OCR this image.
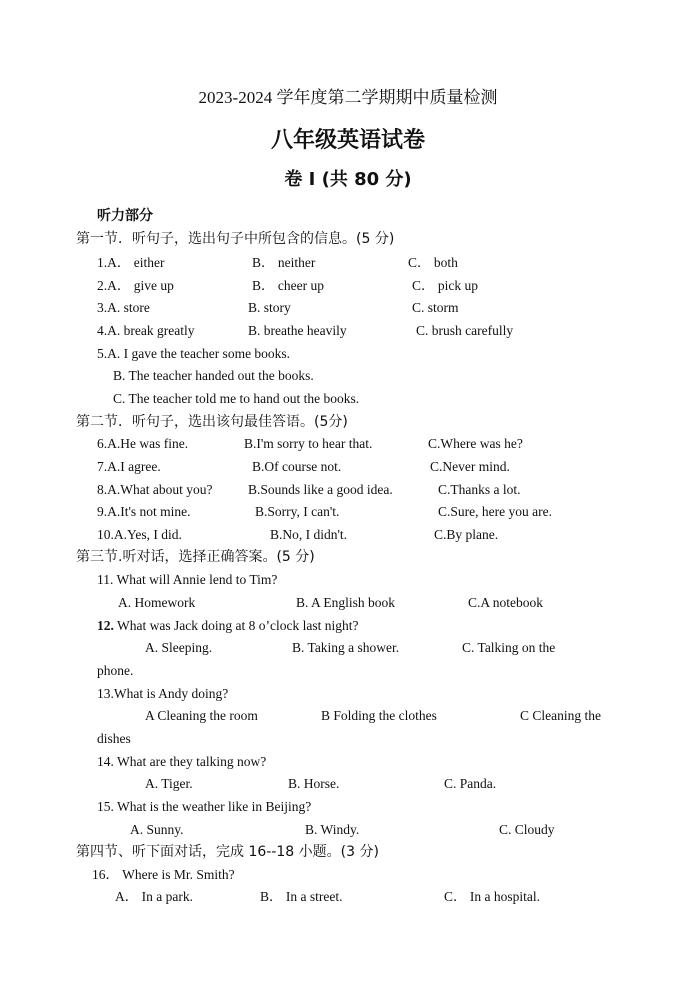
2023-2024 学年度第二学期期中质量检测
八年级英语试卷
卷 I (共 80 分)
听力部分
第一节．听句子，选出句子中所包含的信息。(5 分)
1.A． either	B． neither	C． both
2.A． give up	B． cheer up	C． pick up
3.A. store	B. story	C. storm
4.A. break greatly	B. breathe heavily	C. brush carefully
5.A. I gave the teacher some books.
B. The teacher handed out the books.
C. The teacher told me to hand out the books.
第二节．听句子，选出该句最佳答语。(5分)
6.A.He was fine.	B.I'm sorry to hear that.	C.Where was he?
7.A.I agree.	B.Of course not.	C.Never mind.
8.A.What about you?	B.Sounds like a good idea.	C.Thanks a lot.
9.A.It's not mine.	B.Sorry, I can't.	C.Sure, here you are.
10.A.Yes, I did.	B.No, I didn't.	C.By plane.
第三节.听对话，选择正确答案。(5 分)
11. What will Annie lend to Tim?
A. Homework	B. A English book	C.A notebook
12. What was Jack doing at 8 o’clock last night?
A. Sleeping.	B. Taking a shower.	C. Talking on the
phone.
13.What is Andy doing?
A Cleaning the room	B Folding the clothes	C Cleaning the
dishes
14. What are they talking now?
A. Tiger.	B. Horse.	C. Panda.
15. What is the weather like in Beijing?
A. Sunny.	B. Windy.	C. Cloudy
第四节、听下面对话，完成 16--18 小题。(3 分)
16． Where is Mr. Smith?
A． In a park.	B． In a street.	C． In a hospital.
